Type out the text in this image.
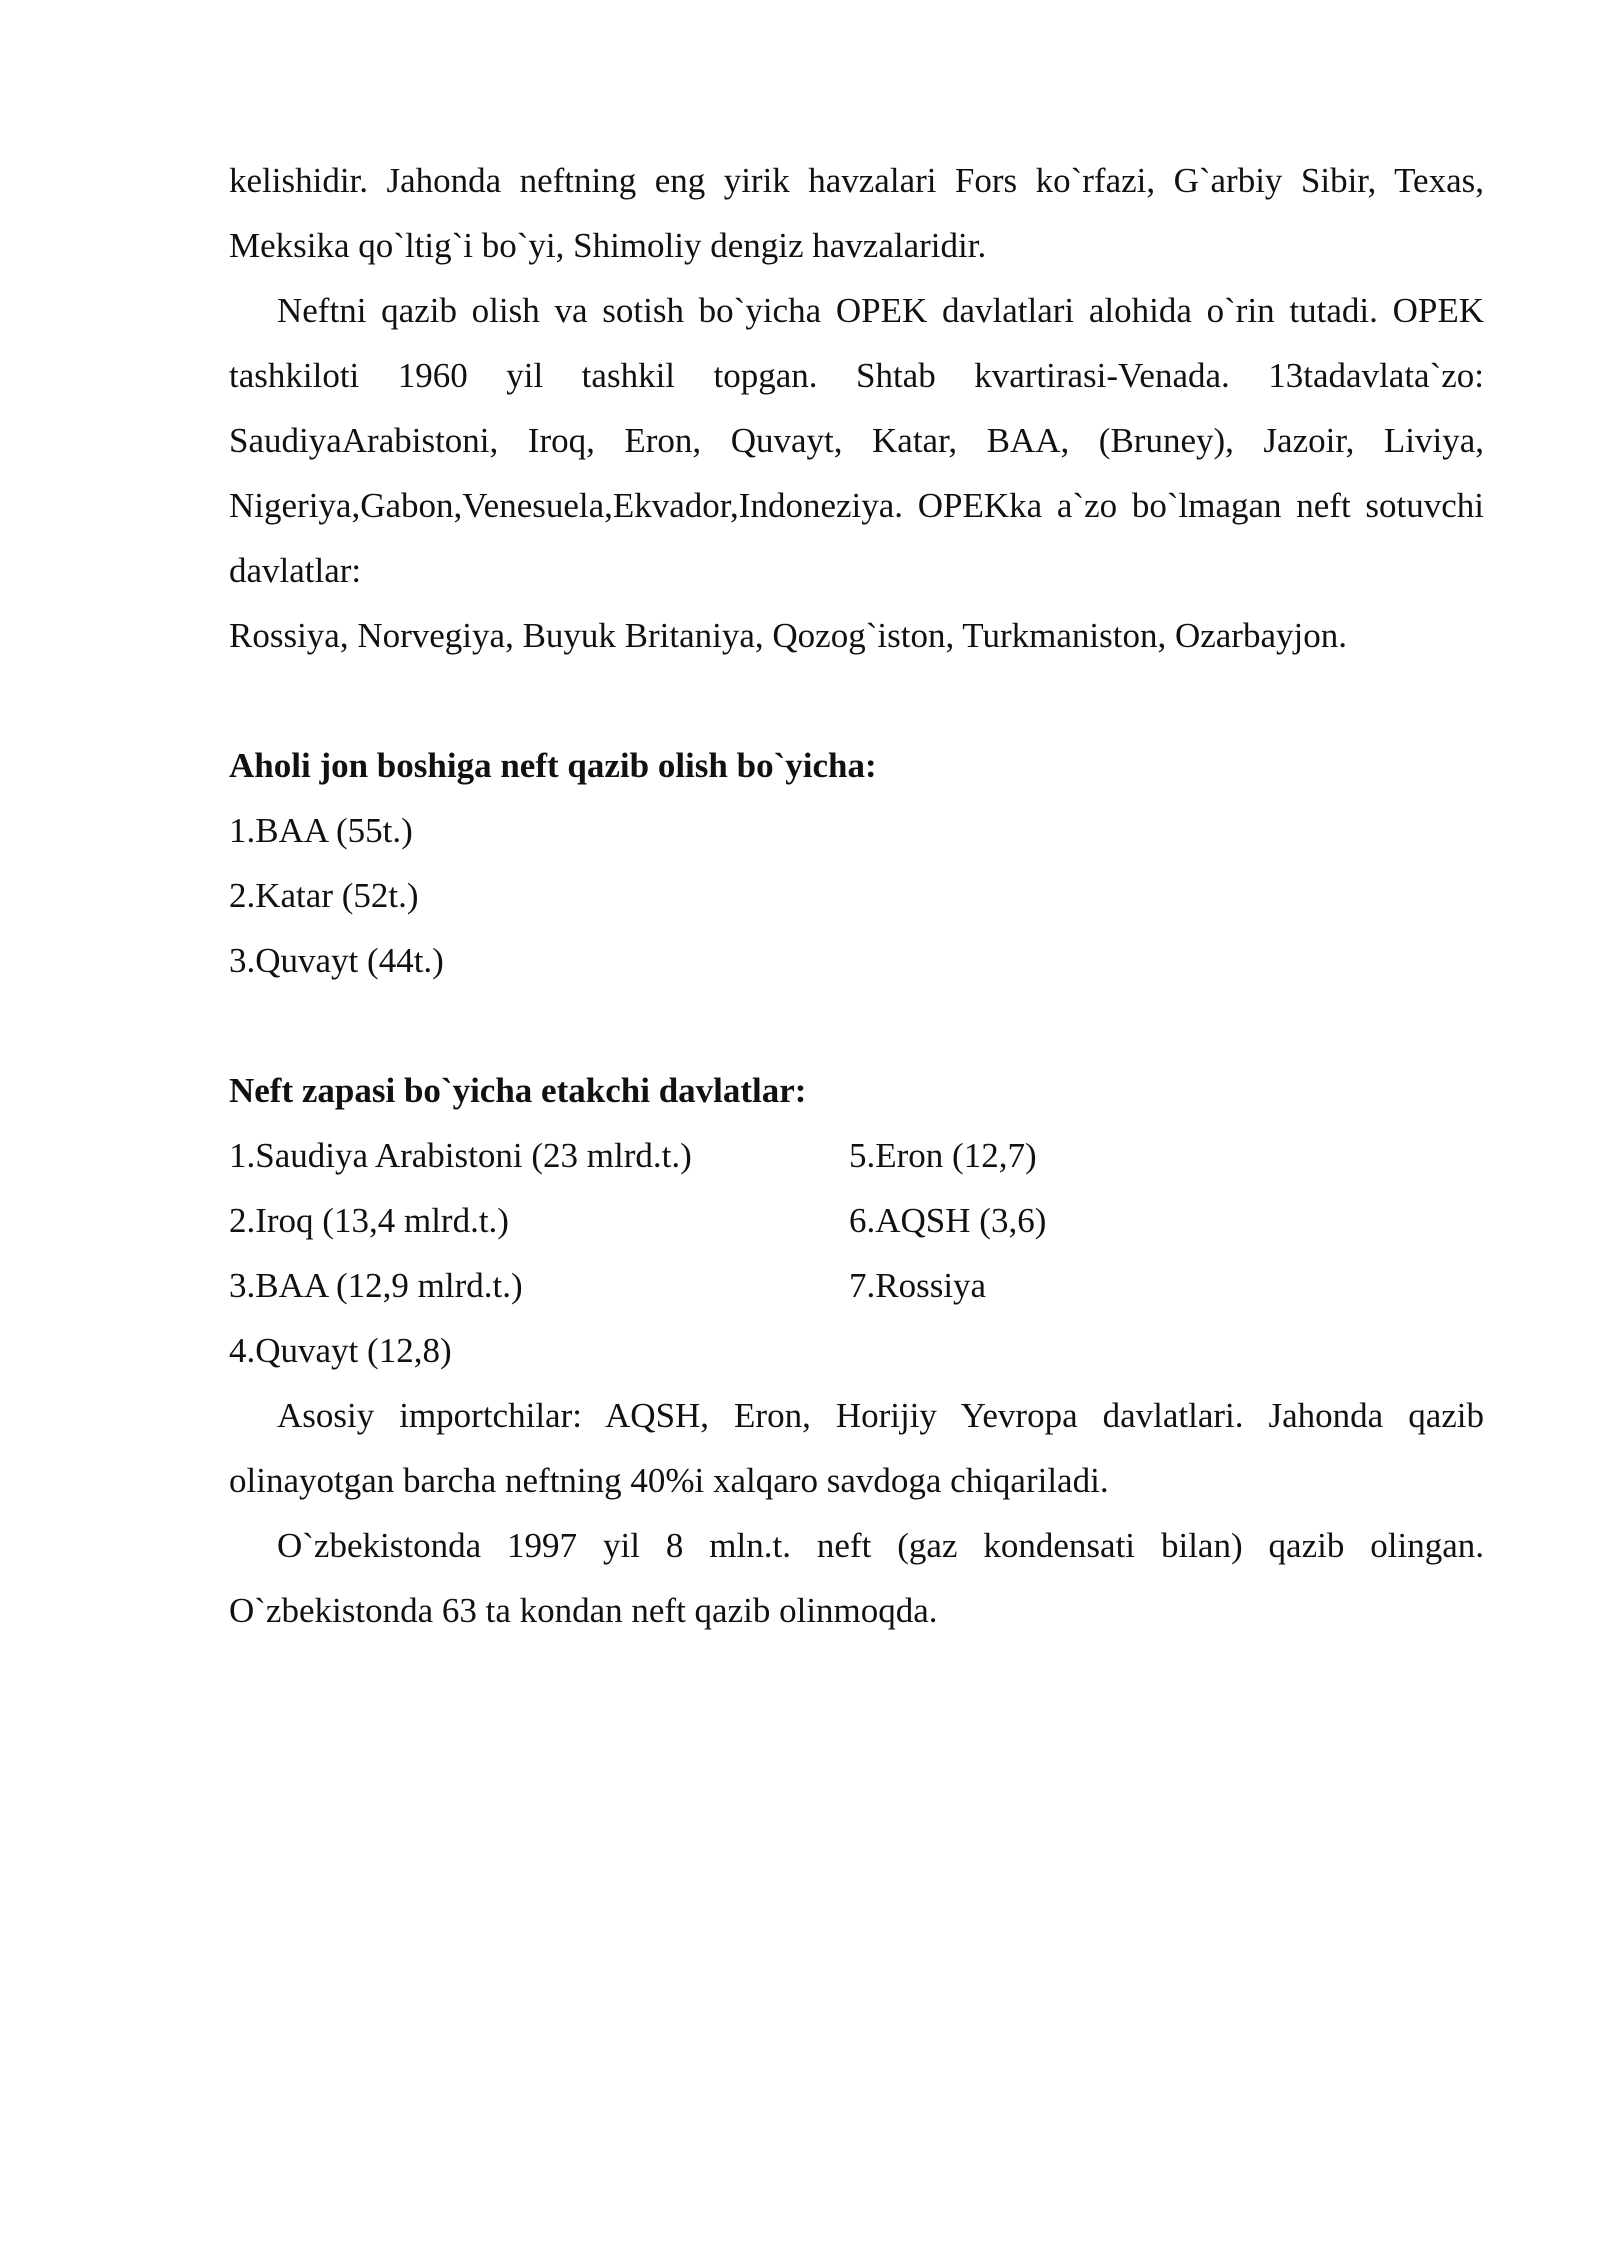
kelishidir. Jahonda neftning eng yirik havzalari Fors ko`rfazi, G`arbiy Sibir, Texas, Meksika qo`ltig`i bo`yi, Shimoliy dengiz havzalaridir.

Neftni qazib olish va sotish bo`yicha OPEK davlatlari alohida o`rin tutadi. OPEK tashkiloti 1960 yil tashkil topgan. Shtab kvartirasi-Venada. 13tadavlata`zo: SaudiyaArabistoni, Iroq, Eron, Quvayt, Katar, BAA, (Bruney), Jazoir, Liviya, Nigeriya,Gabon,Venesuela,Ekvador,Indoneziya. OPEKka a`zo bo`lmagan neft sotuvchi davlatlar:

Rossiya, Norvegiya, Buyuk Britaniya, Qozog`iston, Turkmaniston, Ozarbayjon.

Aholi jon boshiga neft qazib olish bo`yicha:

1.BAA (55t.)

2.Katar (52t.)

3.Quvayt (44t.)

Neft zapasi bo`yicha etakchi davlatlar:

1.Saudiya Arabistoni (23 mlrd.t.)	5.Eron (12,7)
2.Iroq (13,4 mlrd.t.)	6.AQSH (3,6)
3.BAA (12,9 mlrd.t.)	7.Rossiya
4.Quvayt (12,8)

Asosiy importchilar: AQSH, Eron, Horijiy Yevropa davlatlari. Jahonda qazib olinayotgan barcha neftning 40%i xalqaro savdoga chiqariladi.

O`zbekistonda 1997 yil 8 mln.t. neft (gaz kondensati bilan) qazib olingan. O`zbekistonda 63 ta kondan neft qazib olinmoqda.
